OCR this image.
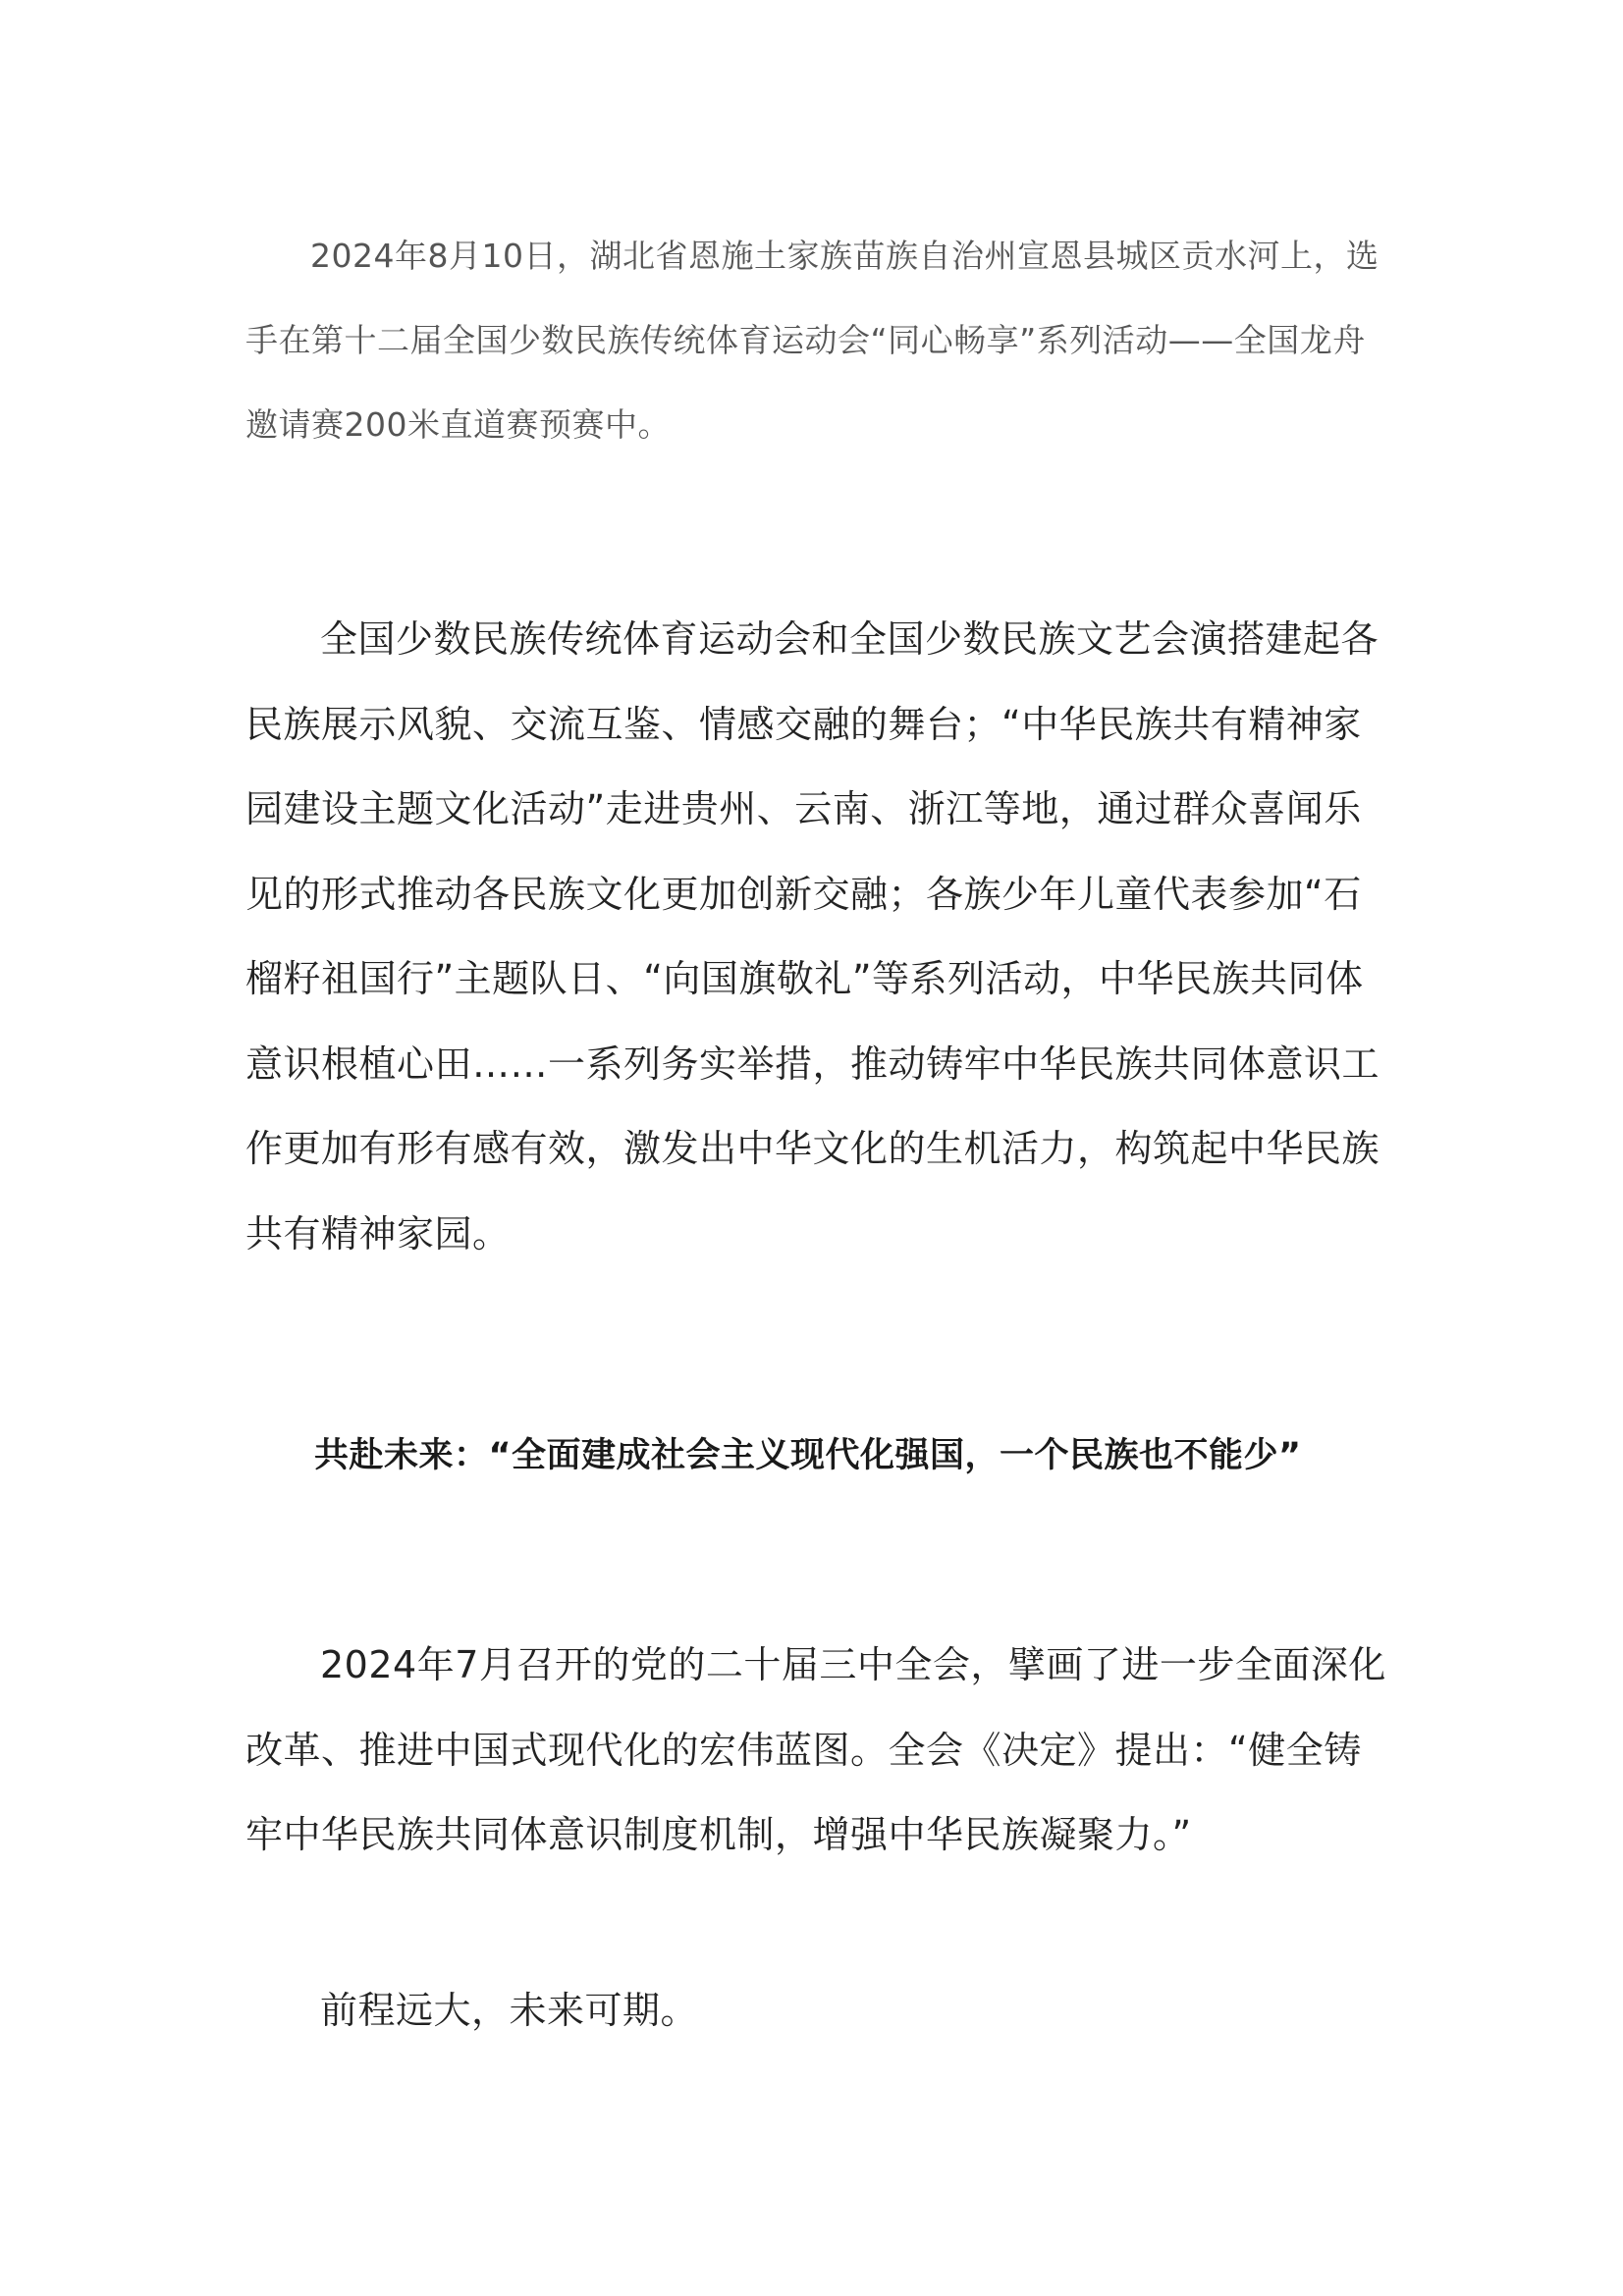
2024年8月10日，湖北省恩施土家族苗族自治州宣恩县城区贡水河上，选手在第十二届全国少数民族传统体育运动会“同心畅享”系列活动——全国龙舟邀请赛200米直道赛预赛中。

全国少数民族传统体育运动会和全国少数民族文艺会演搭建起各民族展示风貌、交流互鉴、情感交融的舞台；“中华民族共有精神家园建设主题文化活动”走进贵州、云南、浙江等地，通过群众喜闻乐见的形式推动各民族文化更加创新交融；各族少年儿童代表参加“石榴籽祖国行”主题队日、“向国旗敬礼”等系列活动，中华民族共同体意识根植心田……一系列务实举措，推动铸牢中华民族共同体意识工作更加有形有感有效，激发出中华文化的生机活力，构筑起中华民族共有精神家园。

共赴未来：“全面建成社会主义现代化强国，一个民族也不能少”

2024年7月召开的党的二十届三中全会，擘画了进一步全面深化改革、推进中国式现代化的宏伟蓝图。全会《决定》提出：“健全铸牢中华民族共同体意识制度机制，增强中华民族凝聚力。”

前程远大，未来可期。
